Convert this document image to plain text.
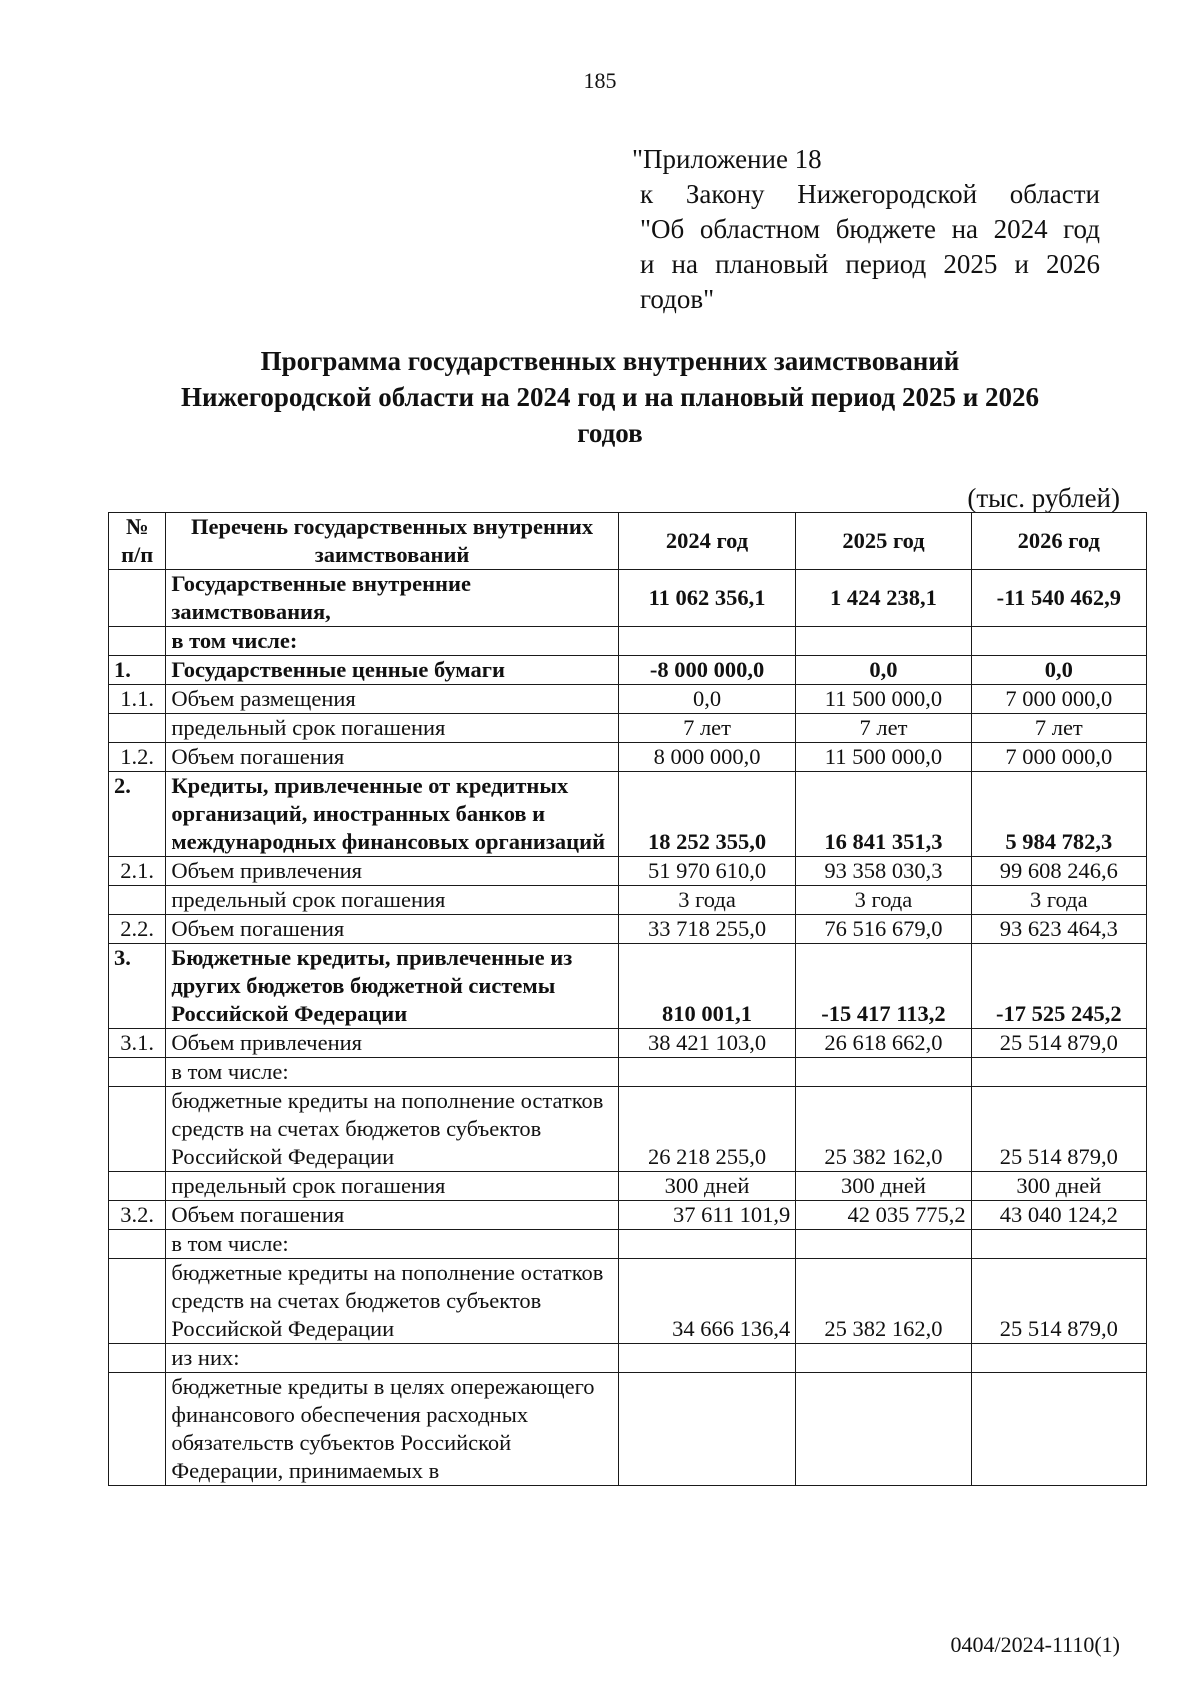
185
"Приложение 18
к Закону Нижегородской области
"Об областном бюджете на 2024 год
и на плановый период 2025 и 2026
годов"
Программа государственных внутренних заимствований
Нижегородской области на 2024 год и на плановый период 2025 и 2026
годов
(тыс. рублей)
№ п/п	Перечень государственных внутренних заимствований	2024 год	2025 год	2026 год
	Государственные внутренние заимствования,	11 062 356,1	1 424 238,1	-11 540 462,9
	в том числе:			
1.	Государственные ценные бумаги	-8 000 000,0	0,0	0,0
1.1.	Объем размещения	0,0	11 500 000,0	7 000 000,0
	предельный срок погашения	7 лет	7 лет	7 лет
1.2.	Объем погашения	8 000 000,0	11 500 000,0	7 000 000,0
2.	Кредиты, привлеченные от кредитных организаций, иностранных банков и международных финансовых организаций	18 252 355,0	16 841 351,3	5 984 782,3
2.1.	Объем привлечения	51 970 610,0	93 358 030,3	99 608 246,6
	предельный срок погашения	3 года	3 года	3 года
2.2.	Объем погашения	33 718 255,0	76 516 679,0	93 623 464,3
3.	Бюджетные кредиты, привлеченные из других бюджетов бюджетной системы Российской Федерации	810 001,1	-15 417 113,2	-17 525 245,2
3.1.	Объем привлечения	38 421 103,0	26 618 662,0	25 514 879,0
	в том числе:			
	бюджетные кредиты на пополнение остатков средств на счетах бюджетов субъектов Российской Федерации	26 218 255,0	25 382 162,0	25 514 879,0
	предельный срок погашения	300 дней	300 дней	300 дней
3.2.	Объем погашения	37 611 101,9	42 035 775,2	43 040 124,2
	в том числе:			
	бюджетные кредиты на пополнение остатков средств на счетах бюджетов субъектов Российской Федерации	34 666 136,4	25 382 162,0	25 514 879,0
	из них:			
	бюджетные кредиты в целях опережающего финансового обеспечения расходных обязательств субъектов Российской Федерации, принимаемых в			
0404/2024-1110(1)
